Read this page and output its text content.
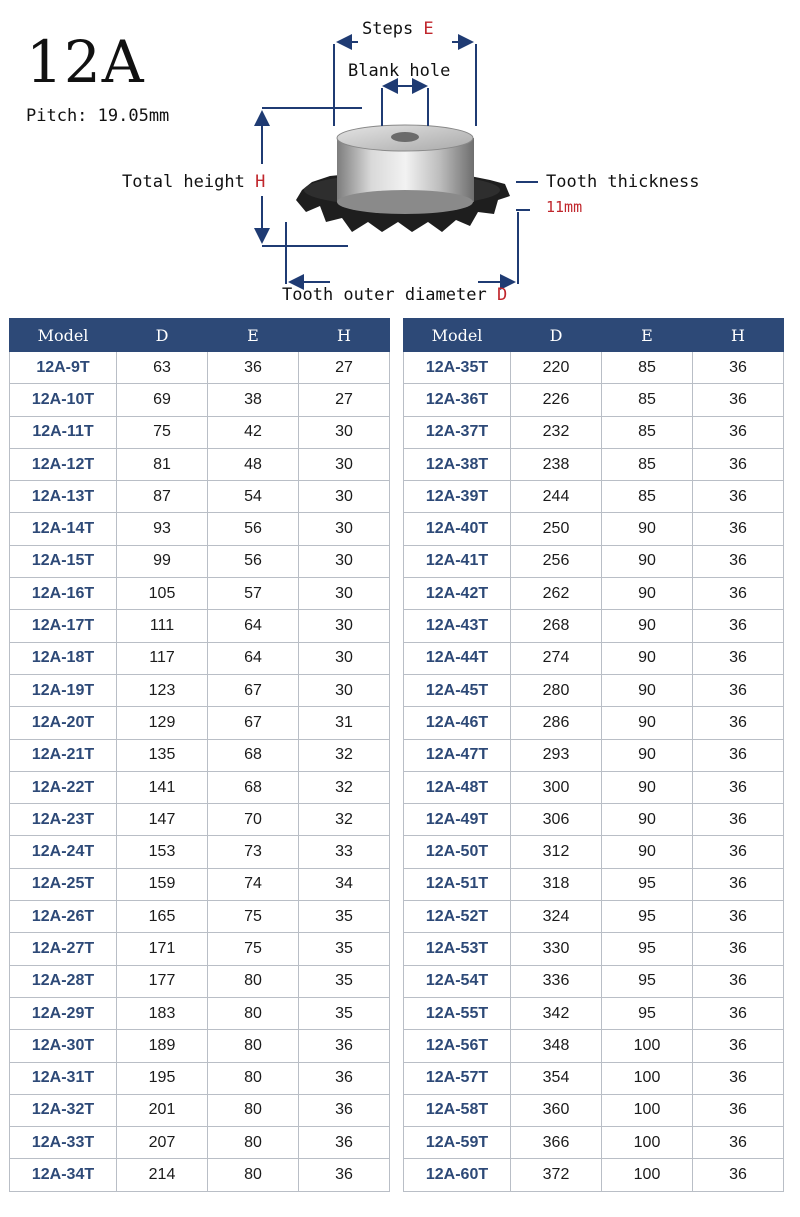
12A
Pitch: 19.05mm
Steps E
Blank hole
Total height H	Tooth thickness
11mm
Tooth outer diameter D
Model	D	E	H
12A-9T	63	36	27
12A-10T	69	38	27
12A-11T	75	42	30
12A-12T	81	48	30
12A-13T	87	54	30
12A-14T	93	56	30
12A-15T	99	56	30
12A-16T	105	57	30
12A-17T	111	64	30
12A-18T	117	64	30
12A-19T	123	67	30
12A-20T	129	67	31
12A-21T	135	68	32
12A-22T	141	68	32
12A-23T	147	70	32
12A-24T	153	73	33
12A-25T	159	74	34
12A-26T	165	75	35
12A-27T	171	75	35
12A-28T	177	80	35
12A-29T	183	80	35
12A-30T	189	80	36
12A-31T	195	80	36
12A-32T	201	80	36
12A-33T	207	80	36
12A-34T	214	80	36
Model	D	E	H
12A-35T	220	85	36
12A-36T	226	85	36
12A-37T	232	85	36
12A-38T	238	85	36
12A-39T	244	85	36
12A-40T	250	90	36
12A-41T	256	90	36
12A-42T	262	90	36
12A-43T	268	90	36
12A-44T	274	90	36
12A-45T	280	90	36
12A-46T	286	90	36
12A-47T	293	90	36
12A-48T	300	90	36
12A-49T	306	90	36
12A-50T	312	90	36
12A-51T	318	95	36
12A-52T	324	95	36
12A-53T	330	95	36
12A-54T	336	95	36
12A-55T	342	95	36
12A-56T	348	100	36
12A-57T	354	100	36
12A-58T	360	100	36
12A-59T	366	100	36
12A-60T	372	100	36
